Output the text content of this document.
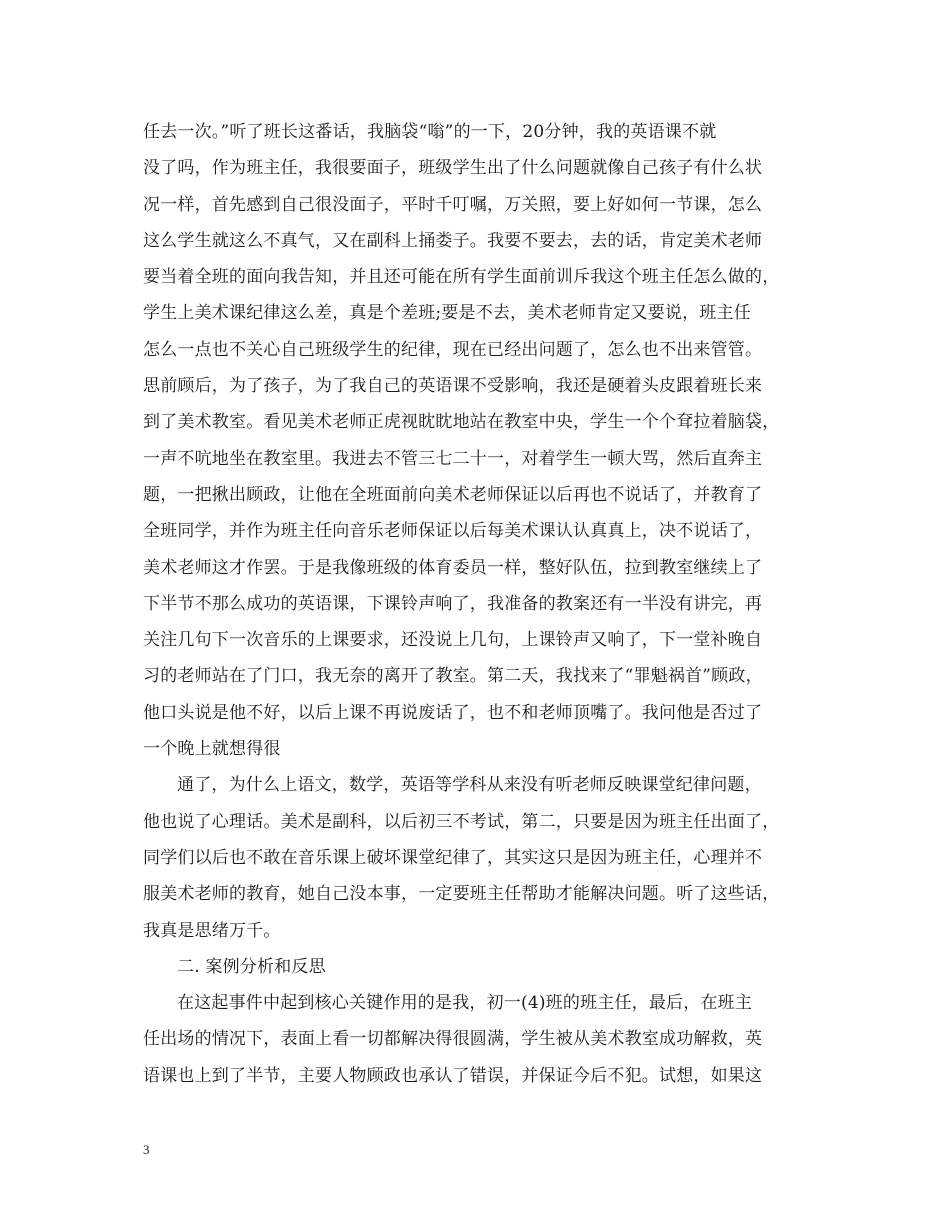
任去一次。”听了班长这番话，我脑袋“嗡”的一下，20分钟，我的英语课不就
没了吗，作为班主任，我很要面子，班级学生出了什么问题就像自己孩子有什么状
况一样，首先感到自己很没面子，平时千叮嘱，万关照，要上好如何一节课，怎么
这么学生就这么不真气，又在副科上捅娄子。我要不要去，去的话，肯定美术老师
要当着全班的面向我告知，并且还可能在所有学生面前训斥我这个班主任怎么做的，
学生上美术课纪律这么差，真是个差班;要是不去，美术老师肯定又要说，班主任
怎么一点也不关心自己班级学生的纪律，现在已经出问题了，怎么也不出来管管。
思前顾后，为了孩子，为了我自己的英语课不受影响，我还是硬着头皮跟着班长来
到了美术教室。看见美术老师正虎视眈眈地站在教室中央，学生一个个耷拉着脑袋，
一声不吭地坐在教室里。我进去不管三七二十一，对着学生一顿大骂，然后直奔主
题，一把揪出顾政，让他在全班面前向美术老师保证以后再也不说话了，并教育了
全班同学，并作为班主任向音乐老师保证以后每美术课认认真真上，决不说话了，
美术老师这才作罢。于是我像班级的体育委员一样，整好队伍，拉到教室继续上了
下半节不那么成功的英语课，下课铃声响了，我准备的教案还有一半没有讲完，再
关注几句下一次音乐的上课要求，还没说上几句，上课铃声又响了，下一堂补晚自
习的老师站在了门口，我无奈的离开了教室。第二天，我找来了“罪魁祸首”顾政，
他口头说是他不好，以后上课不再说废话了，也不和老师顶嘴了。我问他是否过了
一个晚上就想得很
通了，为什么上语文，数学，英语等学科从来没有听老师反映课堂纪律问题，
他也说了心理话。美术是副科，以后初三不考试，第二，只要是因为班主任出面了，
同学们以后也不敢在音乐课上破坏课堂纪律了，其实这只是因为班主任，心理并不
服美术老师的教育，她自己没本事，一定要班主任帮助才能解决问题。听了这些话，
我真是思绪万千。
二. 案例分析和反思
在这起事件中起到核心关键作用的是我，初一(4)班的班主任，最后，在班主
任出场的情况下，表面上看一切都解决得很圆满，学生被从美术教室成功解救，英
语课也上到了半节，主要人物顾政也承认了错误，并保证今后不犯。试想，如果这
3
